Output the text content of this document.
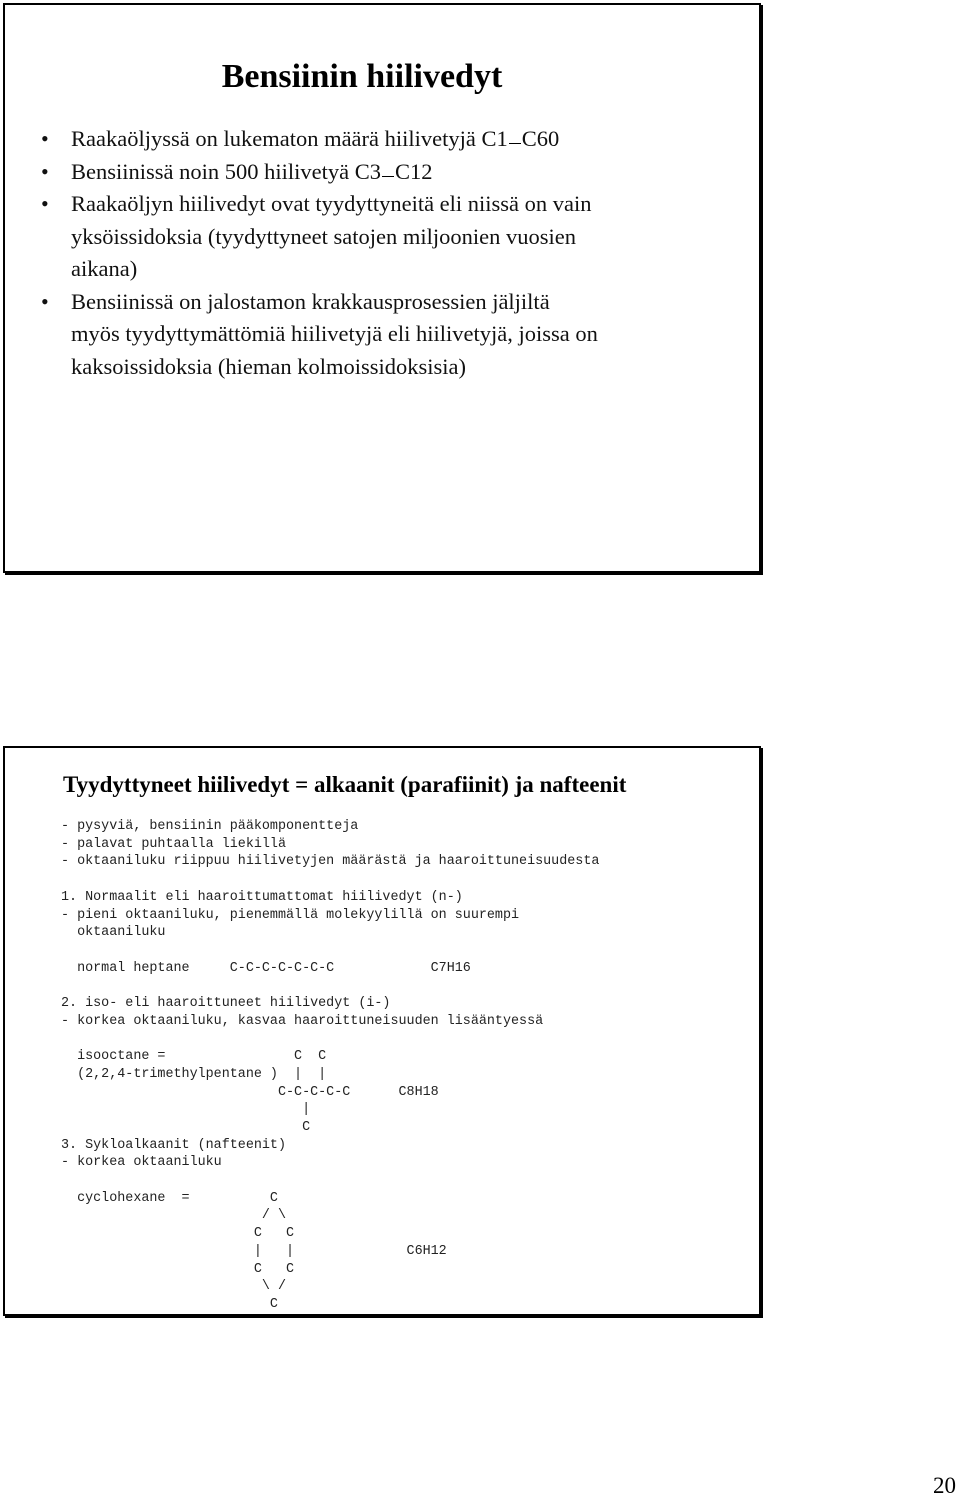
Bensiinin hiilivedyt
• Raakaöljyssä on lukematon määrä hiilivetyjä C1 C60
• Bensiinissä noin 500 hiilivetyä C3 C12
• Raakaöljyn hiilivedyt ovat tyydyttyneitä eli niissä on vain
yksöissidoksia (tyydyttyneet satojen miljoonien vuosien
aikana)
• Bensiinissä on jalostamon krakkausprosessien jäljiltä
myös tyydyttymättömiä hiilivetyjä eli hiilivetyjä, joissa on
kaksoissidoksia (hieman kolmoissidoksisia)
Tyydyttyneet hiilivedyt = alkaanit (parafiinit) ja nafteenit
- pysyviä, bensiinin pääkomponentteja
- palavat puhtaalla liekillä
- oktaaniluku riippuu hiilivetyjen määrästä ja haaroittuneisuudesta
1. Normaalit eli haaroittumattomat hiilivedyt (n-)
- pieni oktaaniluku, pienemmällä molekyylillä on suurempi
oktaaniluku
normal heptane     C-C-C-C-C-C-C            C7H16
2. iso- eli haaroittuneet hiilivedyt (i-)
- korkea oktaaniluku, kasvaa haaroittuneisuuden lisääntyessä
isooctane =                C  C
(2,2,4-trimethylpentane )  |  |
C-C-C-C-C      C8H18
|
C
3. Sykloalkaanit (nafteenit)
- korkea oktaaniluku
cyclohexane  =          C
/ \
C   C
|   |              C6H12
C   C
\ /
C
20
